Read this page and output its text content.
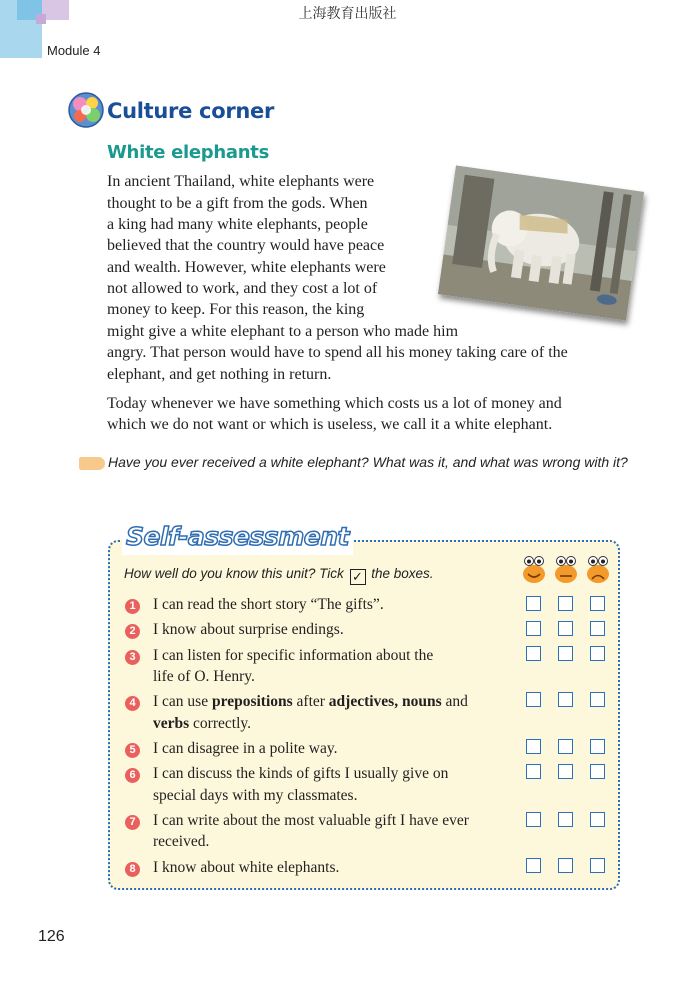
上海教育出版社
Module 4
Culture corner
White elephants
In ancient Thailand, white elephants were
thought to be a gift from the gods. When
a king had many white elephants, people
believed that the country would have peace
and wealth. However, white elephants were
not allowed to work, and they cost a lot of
money to keep. For this reason, the king
might give a white elephant to a person who made him
angry. That person would have to spend all his money taking care of the
elephant, and get nothing in return.
Today whenever we have something which costs us a lot of money and
which we do not want or which is useless, we call it a white elephant.
Have you ever received a white elephant? What was it, and what was wrong with it?
Self-assessment
How well do you know this unit? Tick ✓ the boxes.
1 I can read the short story “The gifts”.
2 I know about surprise endings.
3 I can listen for specific information about the
life of O. Henry.
4 I can use prepositions after adjectives, nouns and
verbs correctly.
5 I can disagree in a polite way.
6 I can discuss the kinds of gifts I usually give on
special days with my classmates.
7 I can write about the most valuable gift I have ever
received.
8 I know about white elephants.
126
